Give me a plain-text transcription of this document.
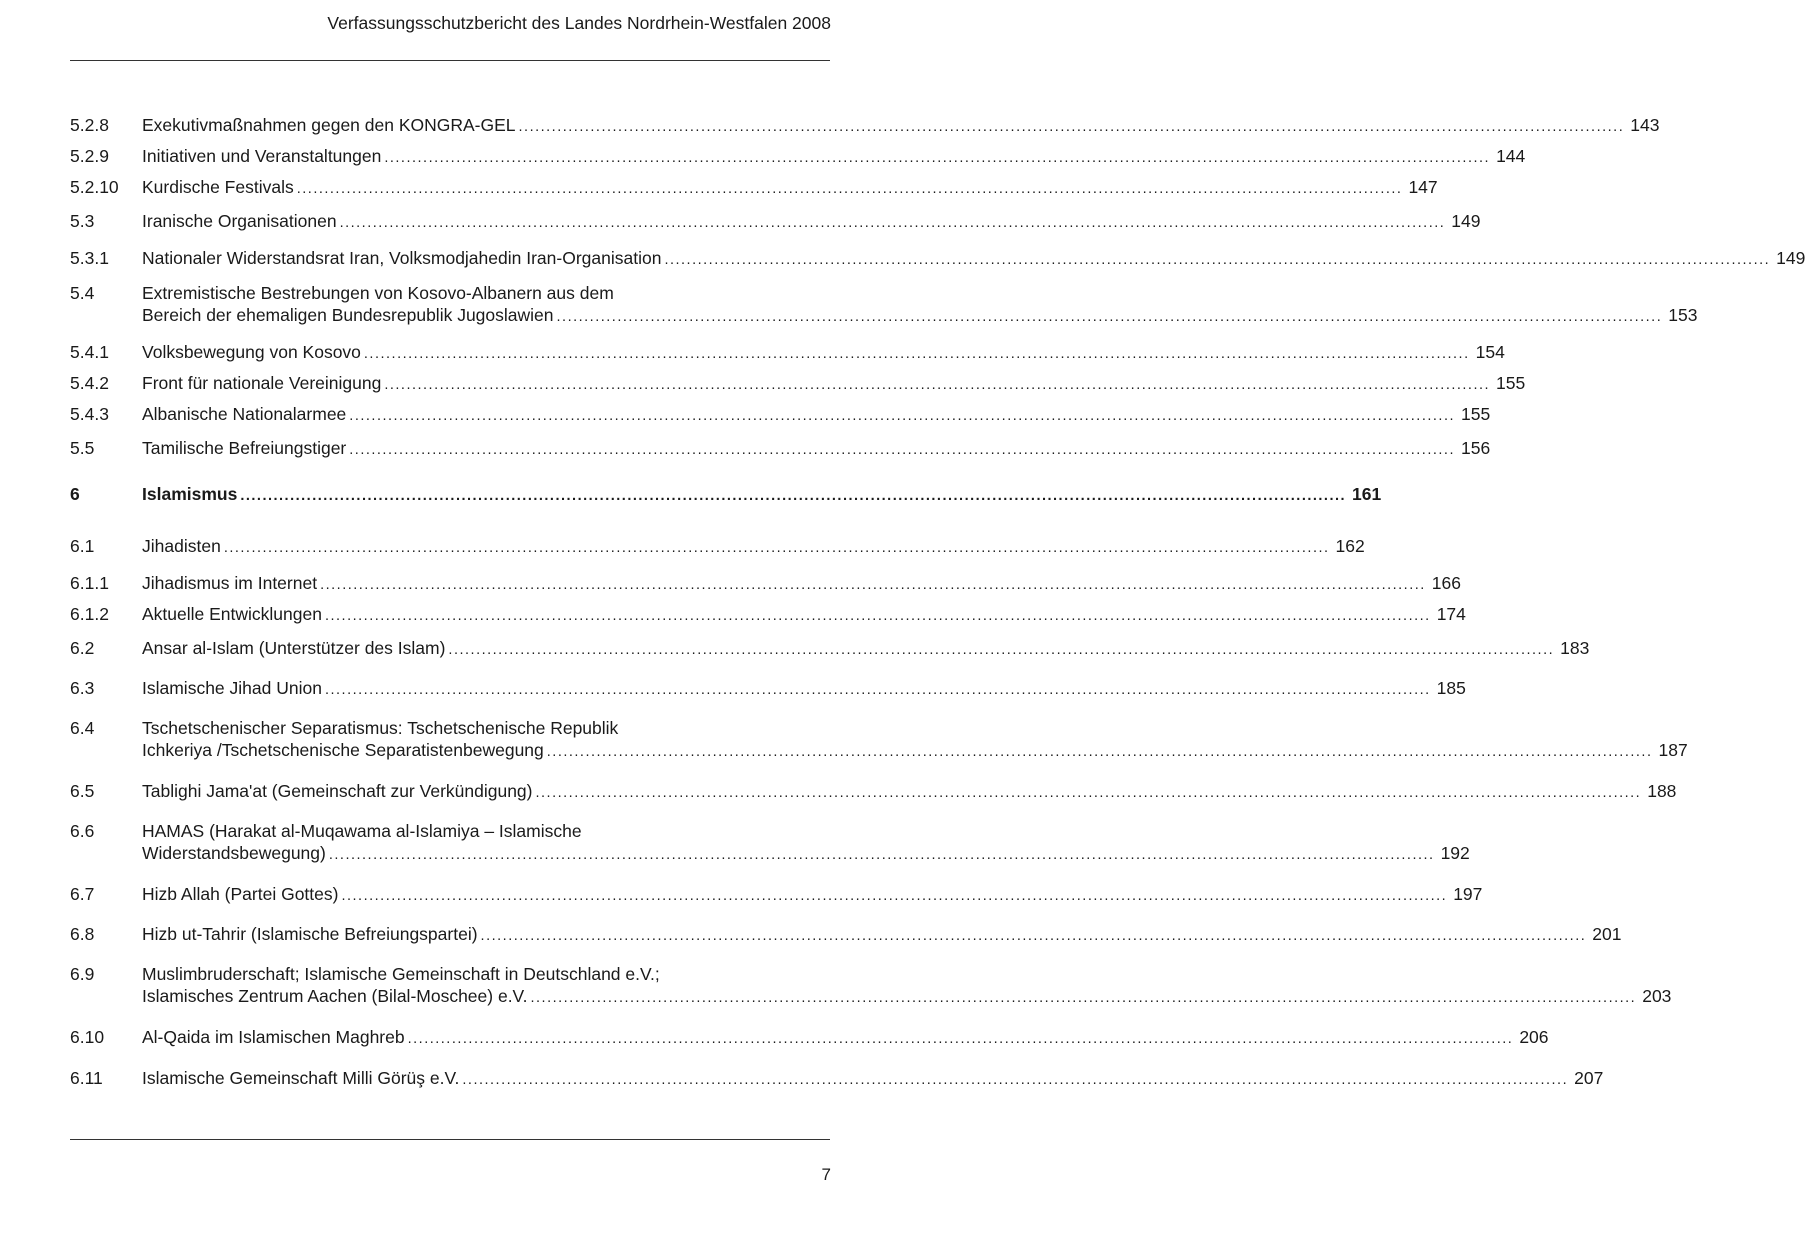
Verfassungsschutzbericht des Landes Nordrhein-Westfalen 2008
5.2.8	Exekutivmaßnahmen gegen den KONGRA-GEL ........................................................................................................................................................................................................ 143
5.2.9	Initiativen und Veranstaltungen ........................................................................................................................................................................................................ 144
5.2.10	Kurdische Festivals ........................................................................................................................................................................................................ 147
5.3	Iranische Organisationen ........................................................................................................................................................................................................ 149
5.3.1	Nationaler Widerstandsrat Iran, Volksmodjahedin Iran-Organisation ........................................................................................................................................................................................................ 149
5.4	Extremistische Bestrebungen von Kosovo-Albanern aus dem
Bereich der ehemaligen Bundesrepublik Jugoslawien ........................................................................................................................................................................................................ 153
5.4.1	Volksbewegung von Kosovo ........................................................................................................................................................................................................ 154
5.4.2	Front für nationale Vereinigung ........................................................................................................................................................................................................ 155
5.4.3	Albanische Nationalarmee ........................................................................................................................................................................................................ 155
5.5	Tamilische Befreiungstiger ........................................................................................................................................................................................................ 156
6	Islamismus ........................................................................................................................................................................................................ 161
6.1	Jihadisten ........................................................................................................................................................................................................ 162
6.1.1	Jihadismus im Internet ........................................................................................................................................................................................................ 166
6.1.2	Aktuelle Entwicklungen ........................................................................................................................................................................................................ 174
6.2	Ansar al-Islam (Unterstützer des Islam) ........................................................................................................................................................................................................ 183
6.3	Islamische Jihad Union ........................................................................................................................................................................................................ 185
6.4	Tschetschenischer Separatismus: Tschetschenische Republik
Ichkeriya /Tschetschenische Separatistenbewegung ........................................................................................................................................................................................................ 187
6.5	Tablighi Jama'at (Gemeinschaft zur Verkündigung) ........................................................................................................................................................................................................ 188
6.6	HAMAS (Harakat al-Muqawama al-Islamiya – Islamische
Widerstandsbewegung) ........................................................................................................................................................................................................ 192
6.7	Hizb Allah (Partei Gottes) ........................................................................................................................................................................................................ 197
6.8	Hizb ut-Tahrir (Islamische Befreiungspartei) ........................................................................................................................................................................................................ 201
6.9	Muslimbruderschaft; Islamische Gemeinschaft in Deutschland e.V.;
Islamisches Zentrum Aachen (Bilal-Moschee) e.V. ........................................................................................................................................................................................................ 203
6.10	Al-Qaida im Islamischen Maghreb ........................................................................................................................................................................................................ 206
6.11	Islamische Gemeinschaft Milli Görüş e.V. ........................................................................................................................................................................................................ 207
7
